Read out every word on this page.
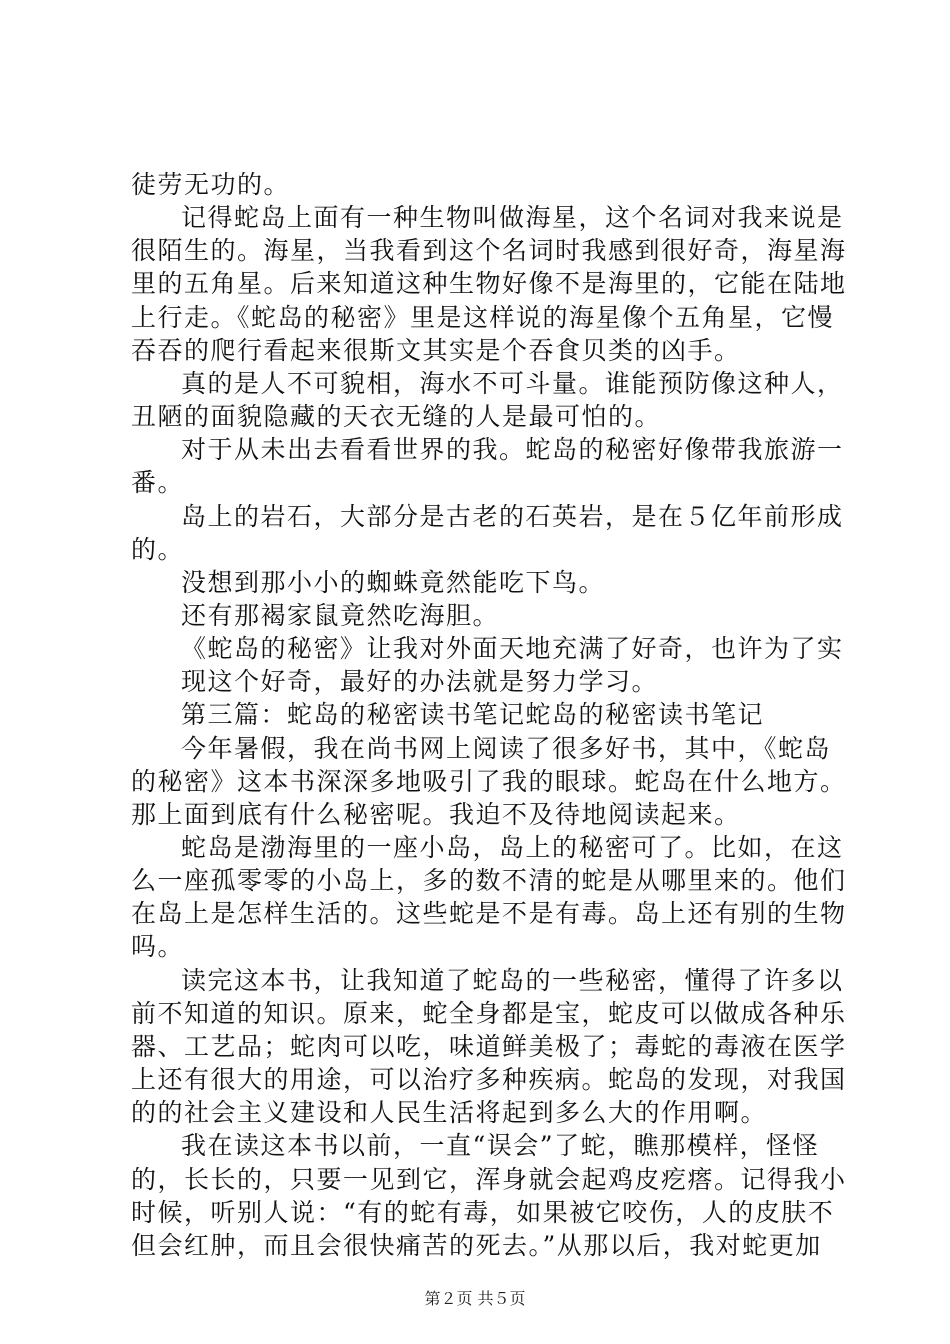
徒劳无功的。
记得蛇岛上面有一种生物叫做海星，这个名词对我来说是
很陌生的。海星，当我看到这个名词时我感到很好奇，海星海
里的五角星。后来知道这种生物好像不是海里的，它能在陆地
上行走。《蛇岛的秘密》里是这样说的海星像个五角星，它慢
吞吞的爬行看起来很斯文其实是个吞食贝类的凶手。
真的是人不可貌相，海水不可斗量。谁能预防像这种人，
丑陋的面貌隐藏的天衣无缝的人是最可怕的。
对于从未出去看看世界的我。蛇岛的秘密好像带我旅游一
番。
岛上的岩石，大部分是古老的石英岩，是在５亿年前形成
的。
没想到那小小的蜘蛛竟然能吃下鸟。
还有那褐家鼠竟然吃海胆。
《蛇岛的秘密》让我对外面天地充满了好奇，也许为了实
现这个好奇，最好的办法就是努力学习。
第三篇：蛇岛的秘密读书笔记蛇岛的秘密读书笔记
今年暑假，我在尚书网上阅读了很多好书，其中，《蛇岛
的秘密》这本书深深多地吸引了我的眼球。蛇岛在什么地方。
那上面到底有什么秘密呢。我迫不及待地阅读起来。
蛇岛是渤海里的一座小岛，岛上的秘密可了。比如，在这
么一座孤零零的小岛上，多的数不清的蛇是从哪里来的。他们
在岛上是怎样生活的。这些蛇是不是有毒。岛上还有别的生物
吗。
读完这本书，让我知道了蛇岛的一些秘密，懂得了许多以
前不知道的知识。原来，蛇全身都是宝，蛇皮可以做成各种乐
器、工艺品；蛇肉可以吃，味道鲜美极了；毒蛇的毒液在医学
上还有很大的用途，可以治疗多种疾病。蛇岛的发现，对我国
的的社会主义建设和人民生活将起到多么大的作用啊。
我在读这本书以前，一直“误会”了蛇，瞧那模样，怪怪
的，长长的，只要一见到它，浑身就会起鸡皮疙瘩。记得我小
时候，听别人说：“有的蛇有毒，如果被它咬伤，人的皮肤不
但会红肿，而且会很快痛苦的死去。”从那以后，我对蛇更加
第２页 共５页
